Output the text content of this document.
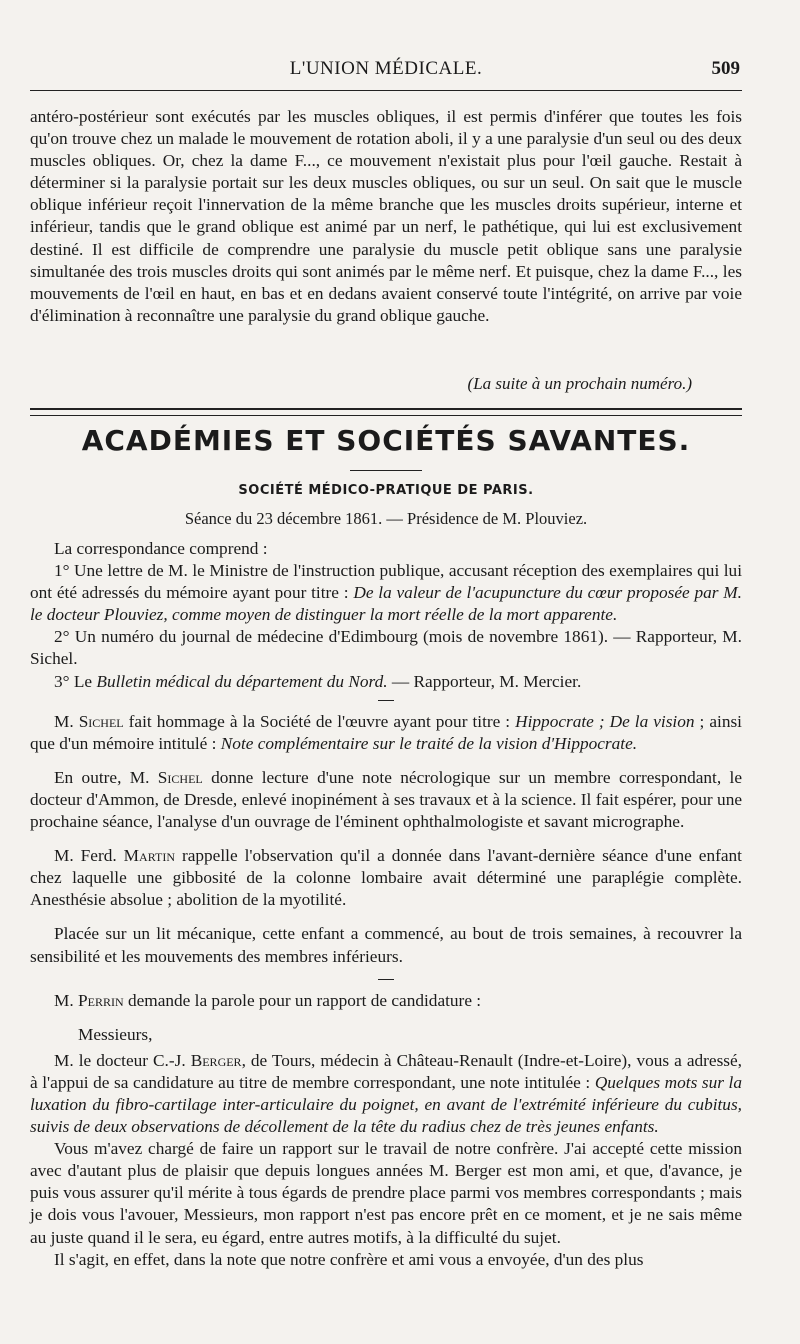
L'UNION MÉDICALE.	509

antéro-postérieur sont exécutés par les muscles obliques, il est permis d'inférer que toutes les fois qu'on trouve chez un malade le mouvement de rotation aboli, il y a une paralysie d'un seul ou des deux muscles obliques. Or, chez la dame F..., ce mouvement n'existait plus pour l'œil gauche. Restait à déterminer si la paralysie portait sur les deux muscles obliques, ou sur un seul. On sait que le muscle oblique inférieur reçoit l'innervation de la même branche que les muscles droits supérieur, interne et inférieur, tandis que le grand oblique est animé par un nerf, le pathétique, qui lui est exclusivement destiné. Il est difficile de comprendre une paralysie du muscle petit oblique sans une paralysie simultanée des trois muscles droits qui sont animés par le même nerf. Et puisque, chez la dame F..., les mouvements de l'œil en haut, en bas et en dedans avaient conservé toute l'intégrité, on arrive par voie d'élimination à reconnaître une paralysie du grand oblique gauche.

(La suite à un prochain numéro.)
ACADÉMIES ET SOCIÉTÉS SAVANTES.
SOCIÉTÉ MÉDICO-PRATIQUE DE PARIS.
Séance du 23 décembre 1861. — Présidence de M. Plouviez.

La correspondance comprend :

1° Une lettre de M. le Ministre de l'instruction publique, accusant réception des exemplaires qui lui ont été adressés du mémoire ayant pour titre : De la valeur de l'acupuncture du cœur proposée par M. le docteur Plouviez, comme moyen de distinguer la mort réelle de la mort apparente.

2° Un numéro du journal de médecine d'Edimbourg (mois de novembre 1861). — Rapporteur, M. Sichel.

3° Le Bulletin médical du département du Nord. — Rapporteur, M. Mercier.

M. Sichel fait hommage à la Société de l'œuvre ayant pour titre : Hippocrate ; De la vision ; ainsi que d'un mémoire intitulé : Note complémentaire sur le traité de la vision d'Hippocrate.

En outre, M. Sichel donne lecture d'une note nécrologique sur un membre correspondant, le docteur d'Ammon, de Dresde, enlevé inopinément à ses travaux et à la science. Il fait espérer, pour une prochaine séance, l'analyse d'un ouvrage de l'éminent ophthalmologiste et savant micrographe.

M. Ferd. Martin rappelle l'observation qu'il a donnée dans l'avant-dernière séance d'une enfant chez laquelle une gibbosité de la colonne lombaire avait déterminé une paraplégie complète. Anesthésie absolue ; abolition de la myotilité.

Placée sur un lit mécanique, cette enfant a commencé, au bout de trois semaines, à recouvrer la sensibilité et les mouvements des membres inférieurs.

M. Perrin demande la parole pour un rapport de candidature :

Messieurs,

M. le docteur C.-J. Berger, de Tours, médecin à Château-Renault (Indre-et-Loire), vous a adressé, à l'appui de sa candidature au titre de membre correspondant, une note intitulée : Quelques mots sur la luxation du fibro-cartilage inter-articulaire du poignet, en avant de l'extrémité inférieure du cubitus, suivis de deux observations de décollement de la tête du radius chez de très jeunes enfants.

Vous m'avez chargé de faire un rapport sur le travail de notre confrère. J'ai accepté cette mission avec d'autant plus de plaisir que depuis longues années M. Berger est mon ami, et que, d'avance, je puis vous assurer qu'il mérite à tous égards de prendre place parmi vos membres correspondants ; mais je dois vous l'avouer, Messieurs, mon rapport n'est pas encore prêt en ce moment, et je ne sais même au juste quand il le sera, eu égard, entre autres motifs, à la difficulté du sujet.

Il s'agit, en effet, dans la note que notre confrère et ami vous a envoyée, d'un des plus
